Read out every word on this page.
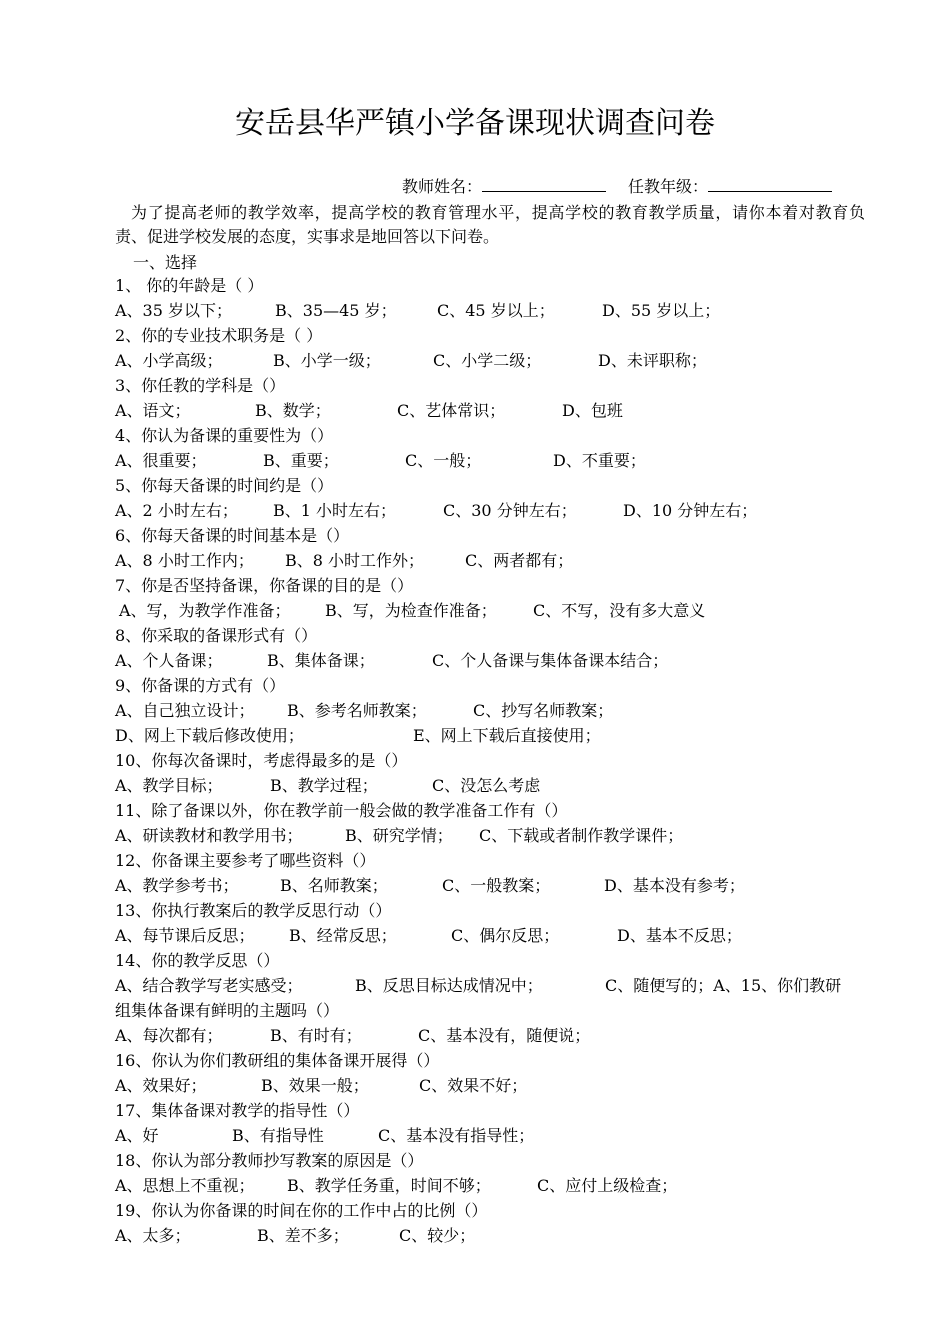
安岳县华严镇小学备课现状调查问卷
教师姓名：	任教年级：
为了提高老师的教学效率，提高学校的教育管理水平，提高学校的教育教学质量，请你本着对教育负责、促进学校发展的态度，实事求是地回答以下问卷。
一、选择
1、 你的年龄是（ ）
A、35 岁以下；	B、35—45 岁；	C、45 岁以上；	D、55 岁以上；
2、你的专业技术职务是（ ）
A、小学高级；	B、小学一级；	C、小学二级；	D、未评职称；
3、你任教的学科是（）
A、语文；	B、数学；	C、艺体常识；	D、包班
4、你认为备课的重要性为（）
A、很重要；	B、重要；	C、一般；	D、不重要；
5、你每天备课的时间约是（）
A、2 小时左右； B、1 小时左右；	C、30 分钟左右；	D、10 分钟左右；
6、你每天备课的时间基本是（）
A、8 小时工作内； B、8 小时工作外；	C、两者都有；
7、你是否坚持备课，你备课的目的是（）
A、写，为教学作准备； B、写，为检查作准备； C、不写，没有多大意义
8、你采取的备课形式有（）
A、个人备课；	B、集体备课；	C、个人备课与集体备课本结合；
9、你备课的方式有（）
A、自己独立设计； B、参考名师教案；	C、抄写名师教案；
D、网上下载后修改使用；	E、网上下载后直接使用；
10、你每次备课时，考虑得最多的是（）
A、教学目标；	B、教学过程；	C、没怎么考虑
11、除了备课以外，你在教学前一般会做的教学准备工作有（）
A、研读教材和教学用书；	B、研究学情； C、下载或者制作教学课件；
12、你备课主要参考了哪些资料（）
A、教学参考书；	B、名师教案；	C、一般教案；	D、基本没有参考；
13、你执行教案后的教学反思行动（）
A、每节课后反思； B、经常反思；	C、偶尔反思；	D、基本不反思；
14、你的教学反思（）
A、结合教学写老实感受；	B、反思目标达成情况中；	C、随便写的；A、15、你们教研
组集体备课有鲜明的主题吗（）
A、每次都有；	B、有时有；	C、基本没有，随便说；
16、你认为你们教研组的集体备课开展得（）
A、效果好；	B、效果一般；	C、效果不好；
17、集体备课对教学的指导性（）
A、好	B、有指导性	C、基本没有指导性；
18、你认为部分教师抄写教案的原因是（）
A、思想上不重视； B、教学任务重，时间不够；	C、应付上级检查；
19、你认为你备课的时间在你的工作中占的比例（）
A、太多；	B、差不多；	C、较少；
